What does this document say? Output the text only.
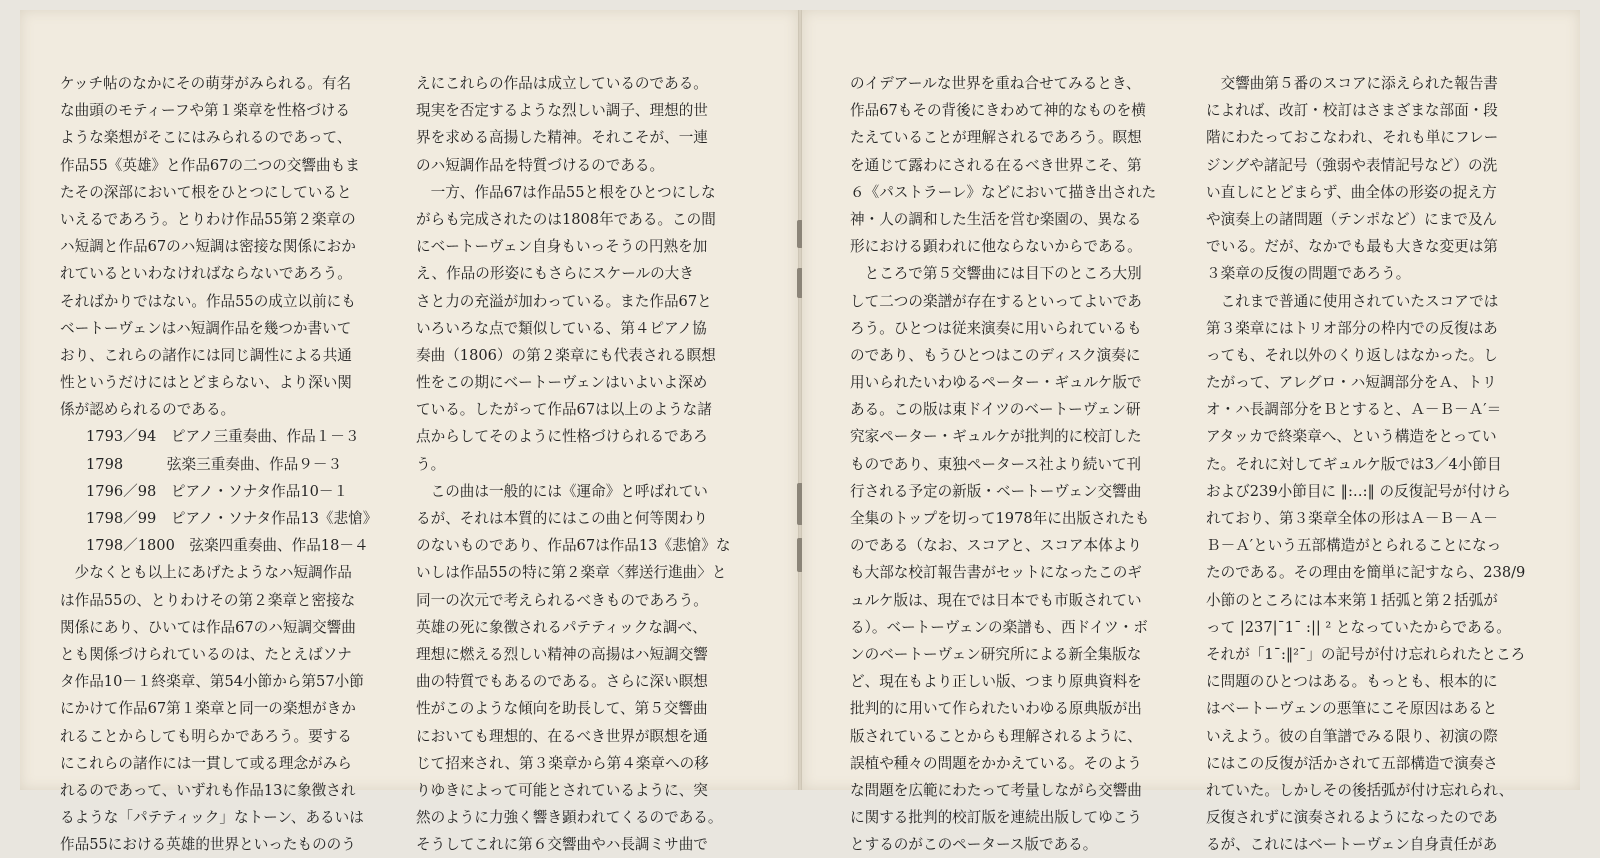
ケッチ帖のなかにその萌芽がみられる。有名
な曲頭のモティーフや第１楽章を性格づける
ような楽想がそこにはみられるのであって、
作品55《英雄》と作品67の二つの交響曲もま
たその深部において根をひとつにしていると
いえるであろう。とりわけ作品55第２楽章の
ハ短調と作品67のハ短調は密接な関係におか
れているといわなければならないであろう。
そればかりではない。作品55の成立以前にも
ベートーヴェンはハ短調作品を幾つか書いて
おり、これらの諸作には同じ調性による共通
性というだけにはとどまらない、より深い関
係が認められるのである。
1793／94　ピアノ三重奏曲、作品１－３
1798　　　弦楽三重奏曲、作品９－３
1796／98　ピアノ・ソナタ作品10－１
1798／99　ピアノ・ソナタ作品13《悲愴》
1798／1800　弦楽四重奏曲、作品18－４
　少なくとも以上にあげたようなハ短調作品
は作品55の、とりわけその第２楽章と密接な
関係にあり、ひいては作品67のハ短調交響曲
とも関係づけられているのは、たとえばソナ
タ作品10－１終楽章、第54小節から第57小節
にかけて作品67第１楽章と同一の楽想がきか
れることからしても明らかであろう。要する
にこれらの諸作には一貫して或る理念がみら
れるのであって、いずれも作品13に象徴され
るような「パテティック」なトーン、あるいは
作品55における英雄的世界といったもののう
えにこれらの作品は成立しているのである。
現実を否定するような烈しい調子、理想的世
界を求める高揚した精神。それこそが、一連
のハ短調作品を特質づけるのである。
　一方、作品67は作品55と根をひとつにしな
がらも完成されたのは1808年である。この間
にベートーヴェン自身もいっそうの円熟を加
え、作品の形姿にもさらにスケールの大き
さと力の充溢が加わっている。また作品67と
いろいろな点で類似している、第４ピアノ協
奏曲（1806）の第２楽章にも代表される瞑想
性をこの期にベートーヴェンはいよいよ深め
ている。したがって作品67は以上のような諸
点からしてそのように性格づけられるであろ
う。
　この曲は一般的には《運命》と呼ばれてい
るが、それは本質的にはこの曲と何等関わり
のないものであり、作品67は作品13《悲愴》な
いしは作品55の特に第２楽章〈葬送行進曲〉と
同一の次元で考えられるべきものであろう。
英雄の死に象徴されるパテティックな調べ、
理想に燃える烈しい精神の高揚はハ短調交響
曲の特質でもあるのである。さらに深い瞑想
性がこのような傾向を助長して、第５交響曲
においても理想的、在るべき世界が瞑想を通
じて招来され、第３楽章から第４楽章への移
りゆきによって可能とされているように、突
然のように力強く響き顕われてくるのである。
そうしてこれに第６交響曲やハ長調ミサ曲で
のイデアールな世界を重ね合せてみるとき、
作品67もその背後にきわめて神的なものを横
たえていることが理解されるであろう。瞑想
を通じて露わにされる在るべき世界こそ、第
６《パストラーレ》などにおいて描き出された
神・人の調和した生活を営む楽園の、異なる
形における顕われに他ならないからである。
　ところで第５交響曲には目下のところ大別
して二つの楽譜が存在するといってよいであ
ろう。ひとつは従来演奏に用いられているも
のであり、もうひとつはこのディスク演奏に
用いられたいわゆるペーター・ギュルケ版で
ある。この版は東ドイツのベートーヴェン研
究家ペーター・ギュルケが批判的に校訂した
ものであり、東独ペータース社より続いて刊
行される予定の新版・ベートーヴェン交響曲
全集のトップを切って1978年に出版されたも
のである（なお、スコアと、スコア本体より
も大部な校訂報告書がセットになったこのギ
ュルケ版は、現在では日本でも市販されてい
る）。ベートーヴェンの楽譜も、西ドイツ・ボ
ンのベートーヴェン研究所による新全集版な
ど、現在もより正しい版、つまり原典資料を
批判的に用いて作られたいわゆる原典版が出
版されていることからも理解されるように、
誤植や種々の問題をかかえている。そのよう
な問題を広範にわたって考量しながら交響曲
に関する批判的校訂版を連続出版してゆこう
とするのがこのペータース版である。
　交響曲第５番のスコアに添えられた報告書
によれば、改訂・校訂はさまざまな部面・段
階にわたっておこなわれ、それも単にフレー
ジングや諸記号（強弱や表情記号など）の洗
い直しにとどまらず、曲全体の形姿の捉え方
や演奏上の諸問題（テンポなど）にまで及ん
でいる。だが、なかでも最も大きな変更は第
３楽章の反復の問題であろう。
　これまで普通に使用されていたスコアでは
第３楽章にはトリオ部分の枠内での反復はあ
っても、それ以外のくり返しはなかった。し
たがって、アレグロ・ハ短調部分をＡ、トリ
オ・ハ長調部分をＢとすると、Ａ－Ｂ－Ａ′＝
アタッカで終楽章へ、という構造をとってい
た。それに対してギュルケ版では3／4小節目
および239小節目に ‖:‥:‖ の反復記号が付けら
れており、第３楽章全体の形はＡ－Ｂ－Ａ－
Ｂ－Ａ′という五部構造がとられることになっ
たのである。その理由を簡単に記すなら、238/9
小節のところには本来第１括弧と第２括弧が
って |237|¯1¯ :|| ² となっていたからである。
それが「1¯:‖²¯」の記号が付け忘れられたところ
に問題のひとつはある。もっとも、根本的に
はベートーヴェンの悪筆にこそ原因はあると
いえよう。彼の自筆譜でみる限り、初演の際
にはこの反復が活かされて五部構造で演奏さ
れていた。しかしその後括弧が付け忘れられ、
反復されずに演奏されるようになったのであ
るが、これにはベートーヴェン自身責任があ
